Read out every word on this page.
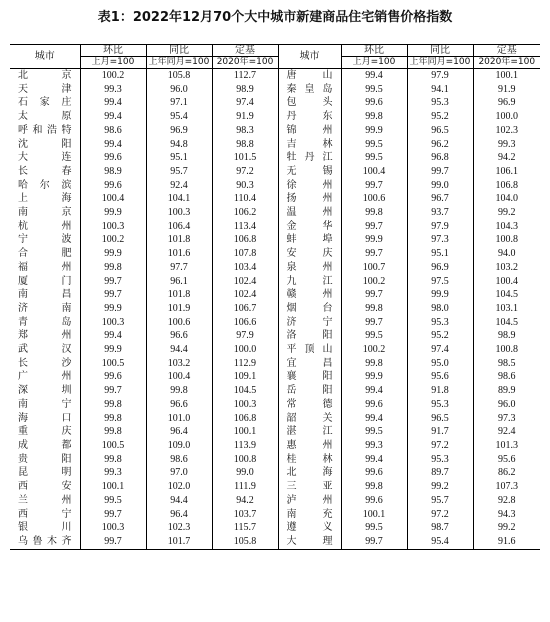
表1：2022年12月70个大中城市新建商品住宅销售价格指数
城市	环比	同比	定基	城市	环比	同比	定基
	上月=100	上年同月=100	2020年=100		上月=100	上年同月=100	2020年=100
北京	100.2	105.8	112.7	唐山	99.4	97.9	100.1
天津	99.3	96.0	98.9	秦皇岛	99.5	94.1	91.9
石家庄	99.4	97.1	97.4	包头	99.6	95.3	96.9
太原	99.4	95.4	91.9	丹东	99.8	95.2	100.0
呼和浩特	98.6	96.9	98.3	锦州	99.9	96.5	102.3
沈阳	99.4	94.8	98.8	吉林	99.5	96.2	99.3
大连	99.6	95.1	101.5	牡丹江	99.5	96.8	94.2
长春	98.9	95.7	97.2	无锡	100.4	99.7	106.1
哈尔滨	99.6	92.4	90.3	徐州	99.7	99.0	106.8
上海	100.4	104.1	110.4	扬州	100.6	96.7	104.0
南京	99.9	100.3	106.2	温州	99.8	93.7	99.2
杭州	100.3	106.4	113.4	金华	99.7	97.9	104.3
宁波	100.2	101.8	106.8	蚌埠	99.9	97.3	100.8
合肥	99.9	101.6	107.8	安庆	99.7	95.1	94.0
福州	99.8	97.7	103.4	泉州	100.7	96.9	103.2
厦门	99.7	96.1	102.4	九江	100.2	97.5	100.4
南昌	99.7	101.8	102.4	赣州	99.7	99.9	104.5
济南	99.9	101.9	106.7	烟台	99.8	98.0	103.1
青岛	100.3	100.6	106.6	济宁	99.7	95.3	104.5
郑州	99.4	96.6	97.9	洛阳	99.5	95.2	98.9
武汉	99.9	94.4	100.0	平顶山	100.2	97.4	100.8
长沙	100.5	103.2	112.9	宜昌	99.8	95.0	98.5
广州	99.6	100.4	109.1	襄阳	99.9	95.6	98.6
深圳	99.7	99.8	104.5	岳阳	99.4	91.8	89.9
南宁	99.8	96.6	100.3	常德	99.6	95.3	96.0
海口	99.8	101.0	106.8	韶关	99.4	96.5	97.3
重庆	99.8	96.4	100.1	湛江	99.5	91.7	92.4
成都	100.5	109.0	113.9	惠州	99.3	97.2	101.3
贵阳	99.8	98.6	100.8	桂林	99.4	95.3	95.6
昆明	99.3	97.0	99.0	北海	99.6	89.7	86.2
西安	100.1	102.0	111.9	三亚	99.8	99.2	107.3
兰州	99.5	94.4	94.2	泸州	99.6	95.7	92.8
西宁	99.7	96.4	103.7	南充	100.1	97.2	94.3
银川	100.3	102.3	115.7	遵义	99.5	98.7	99.2
乌鲁木齐	99.7	101.7	105.8	大理	99.7	95.4	91.6
